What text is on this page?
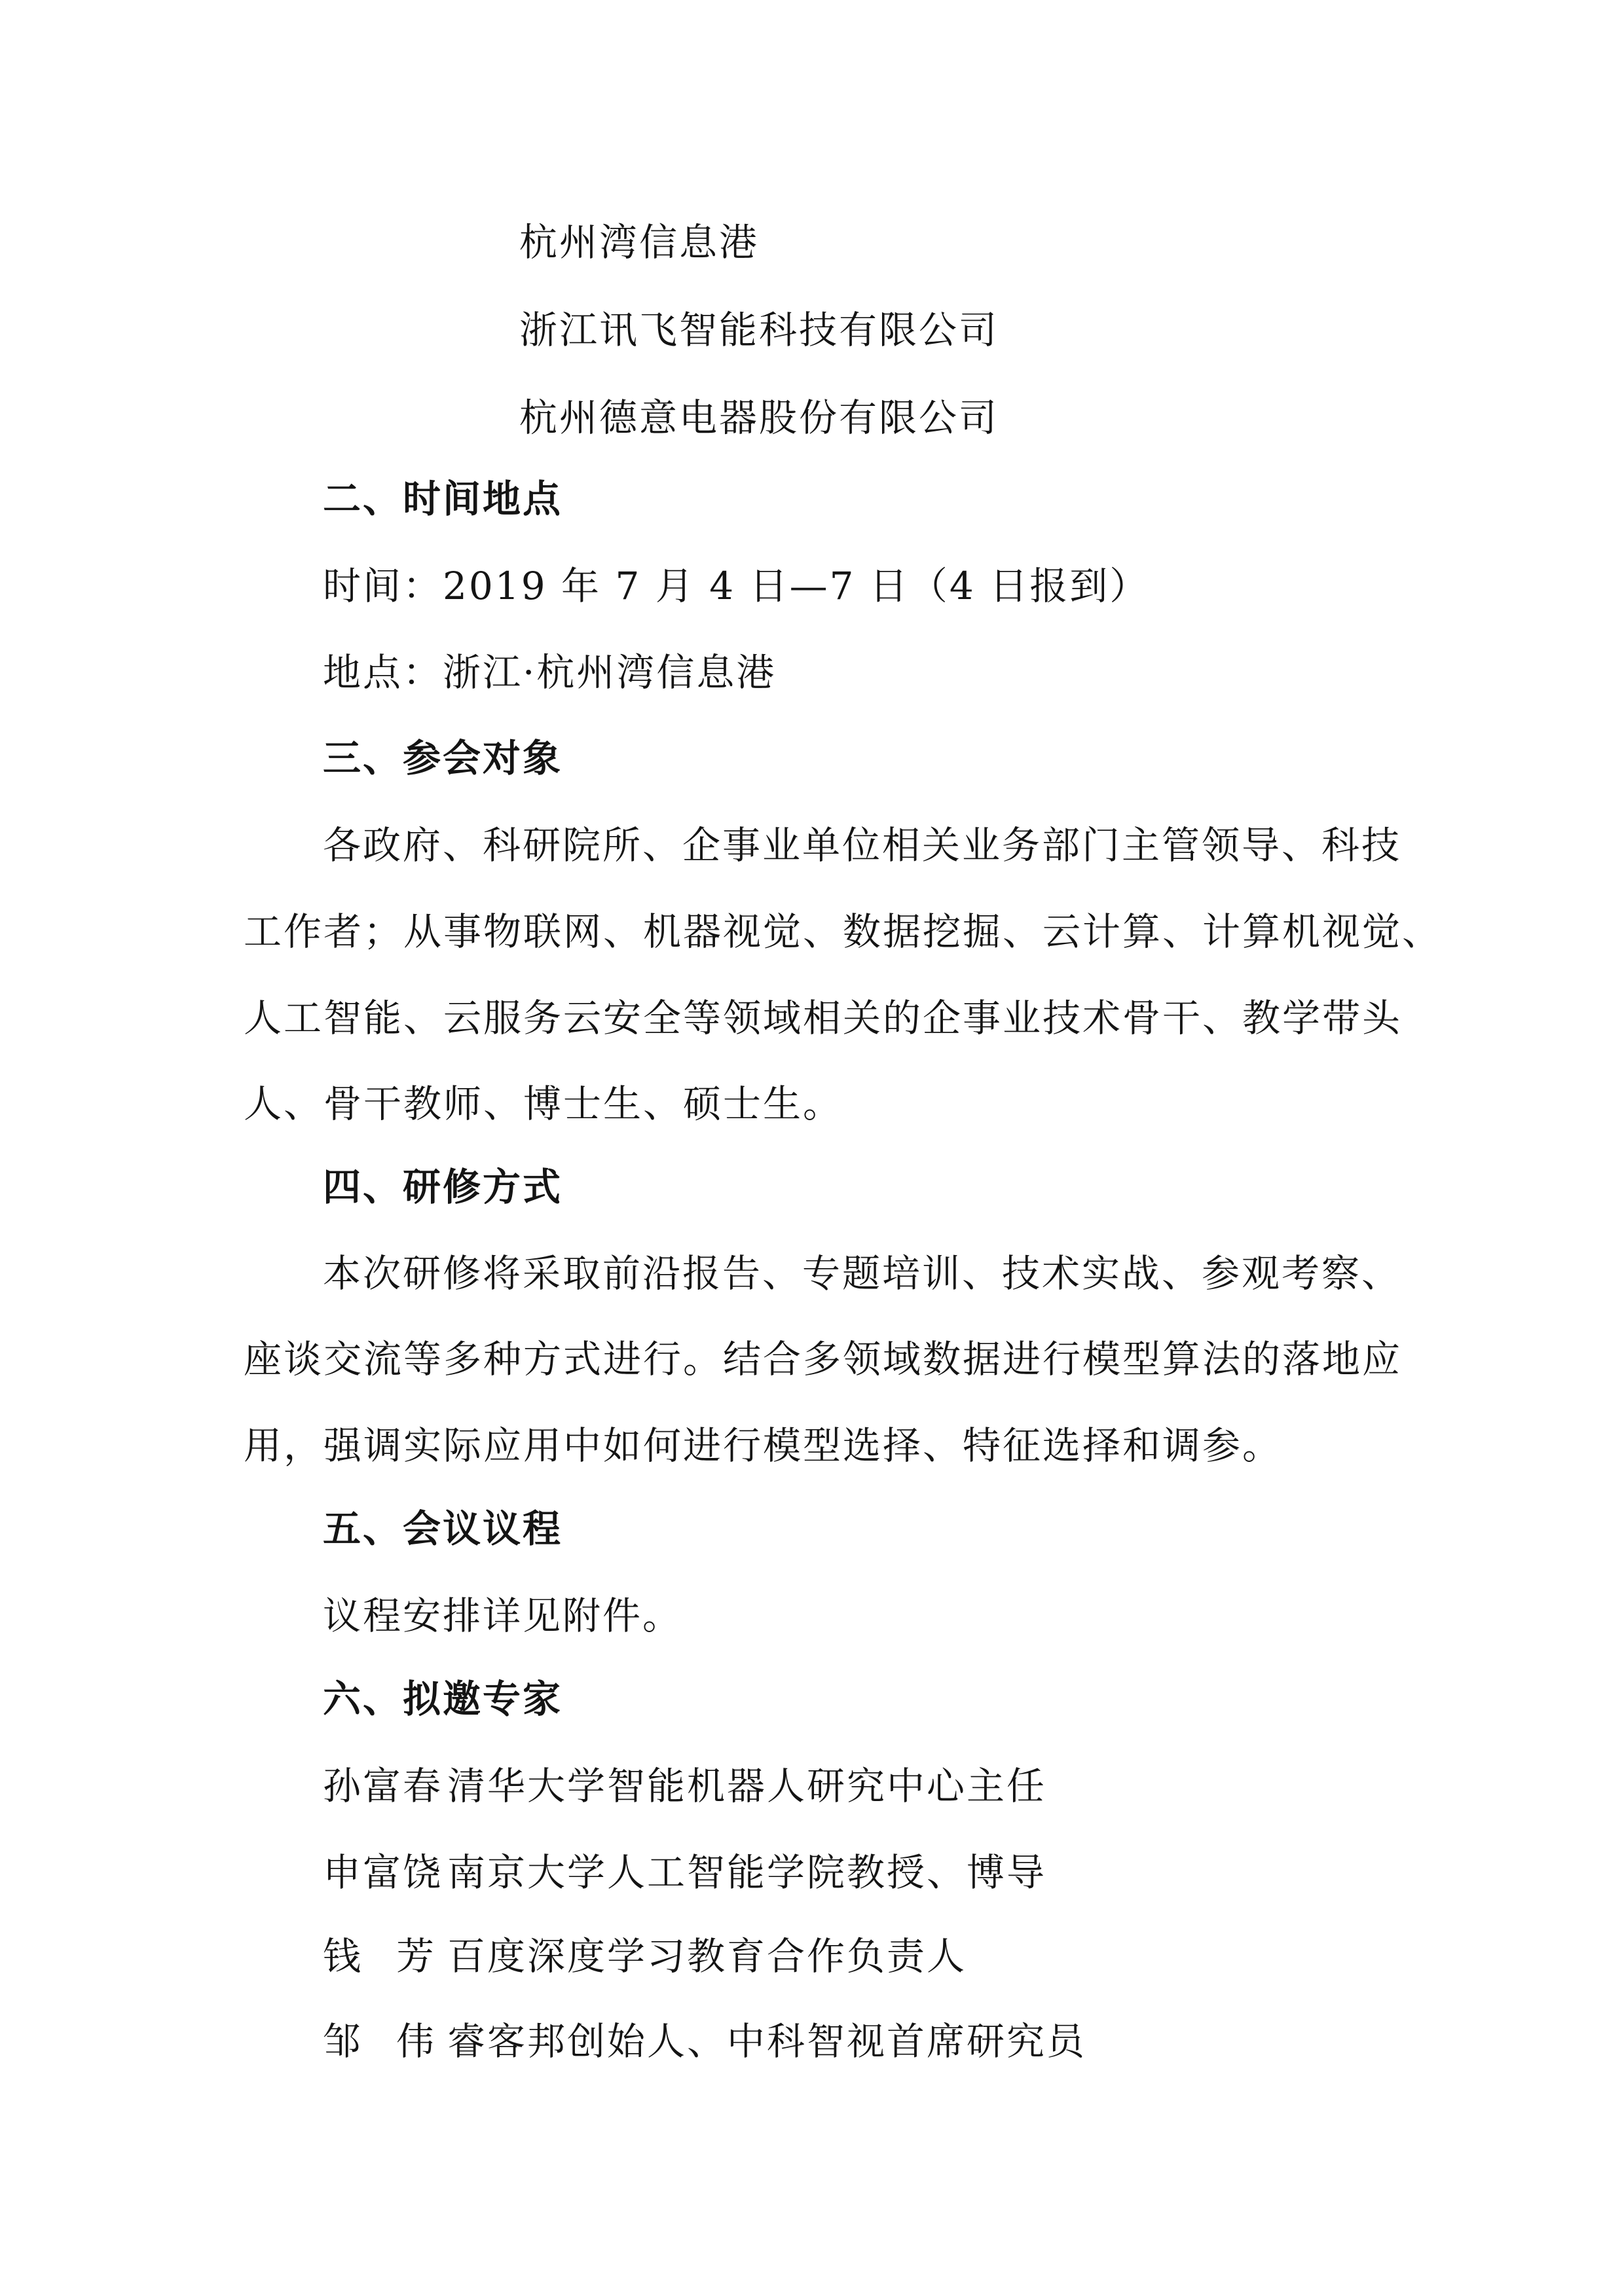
杭州湾信息港
浙江讯飞智能科技有限公司
杭州德意电器股份有限公司
二、时间地点
时间：2019 年 7 月 4 日—7 日（4 日报到）
地点：浙江·杭州湾信息港
三、参会对象
各政府、科研院所、企事业单位相关业务部门主管领导、科技
工作者；从事物联网、机器视觉、数据挖掘、云计算、计算机视觉、
人工智能、云服务云安全等领域相关的企事业技术骨干、教学带头
人、骨干教师、博士生、硕士生。
四、研修方式
本次研修将采取前沿报告、专题培训、技术实战、参观考察、
座谈交流等多种方式进行。结合多领域数据进行模型算法的落地应
用，强调实际应用中如何进行模型选择、特征选择和调参。
五、会议议程
议程安排详见附件。
六、拟邀专家
孙富春 清华大学智能机器人研究中心主任
申富饶 南京大学人工智能学院教授、博导
钱芳百度深度学习教育合作负责人
邹伟睿客邦创始人、中科智视首席研究员
